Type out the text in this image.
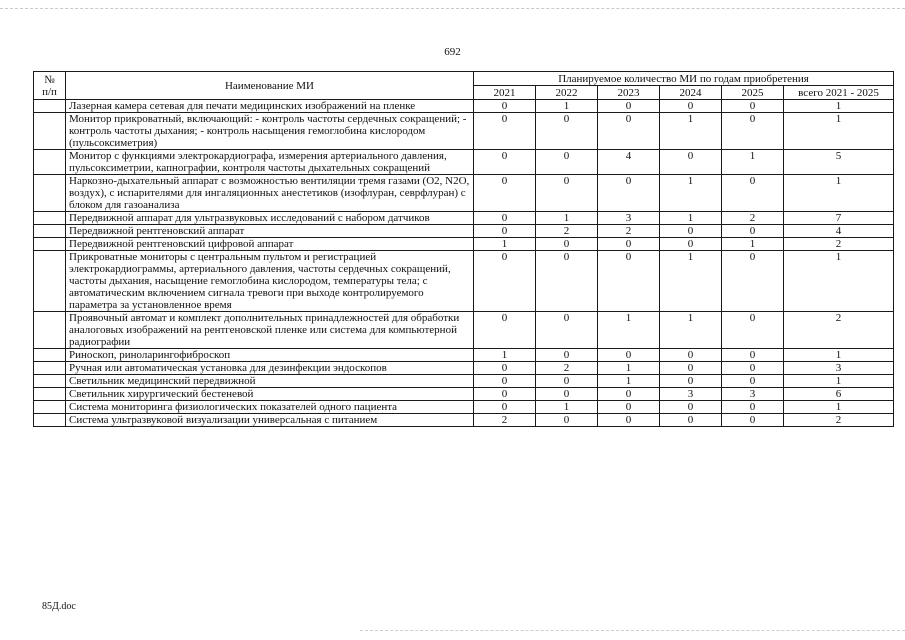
692
№
п/п	Наименование МИ	Планируемое количество МИ по годам приобретения					
		2021	2022	2023	2024	2025	всего 2021 - 2025
	Лазерная камера сетевая для печати медицинских изображений на пленке	0	1	0	0	0	1
	Монитор прикроватный, включающий: - контроль частоты сердечных сокращений; - контроль частоты дыхания; - контроль насыщения гемоглобина кислородом (пульсоксиметрия)	0	0	0	1	0	1
	Монитор с функциями электрокардиографа, измерения артериального давления, пульсоксиметрии, капнографии, контроля частоты дыхательных сокращений	0	0	4	0	1	5
	Наркозно-дыхательный аппарат с возможностью вентиляции тремя газами (O2, N2O, воздух), с испарителями для ингаляционных анестетиков (изофлуран, севрфлуран) с блоком для газоанализа	0	0	0	1	0	1
	Передвижной аппарат для ультразвуковых исследований с набором датчиков	0	1	3	1	2	7
	Передвижной рентгеновский аппарат	0	2	2	0	0	4
	Передвижной рентгеновский цифровой аппарат	1	0	0	0	1	2
	Прикроватные мониторы с центральным пультом и регистрацией электрокардиограммы, артериального давления, частоты сердечных сокращений, частоты дыхания, насыщение гемоглобина кислородом, температуры тела; с автоматическим включением сигнала тревоги при выходе контролируемого параметра за установленное время	0	0	0	1	0	1
	Проявочный автомат и комплект дополнительных принадлежностей для обработки аналоговых изображений на рентгеновской пленке или система для компьютерной радиографии	0	0	1	1	0	2
	Риноскоп, риноларингофиброскоп	1	0	0	0	0	1
	Ручная или автоматическая установка для дезинфекции эндоскопов	0	2	1	0	0	3
	Светильник медицинский передвижной	0	0	1	0	0	1
	Светильник хирургический бестеневой	0	0	0	3	3	6
	Система мониторинга физиологических показателей одного пациента	0	1	0	0	0	1
	Система ультразвуковой визуализации универсальная с питанием	2	0	0	0	0	2
85Д.doc
